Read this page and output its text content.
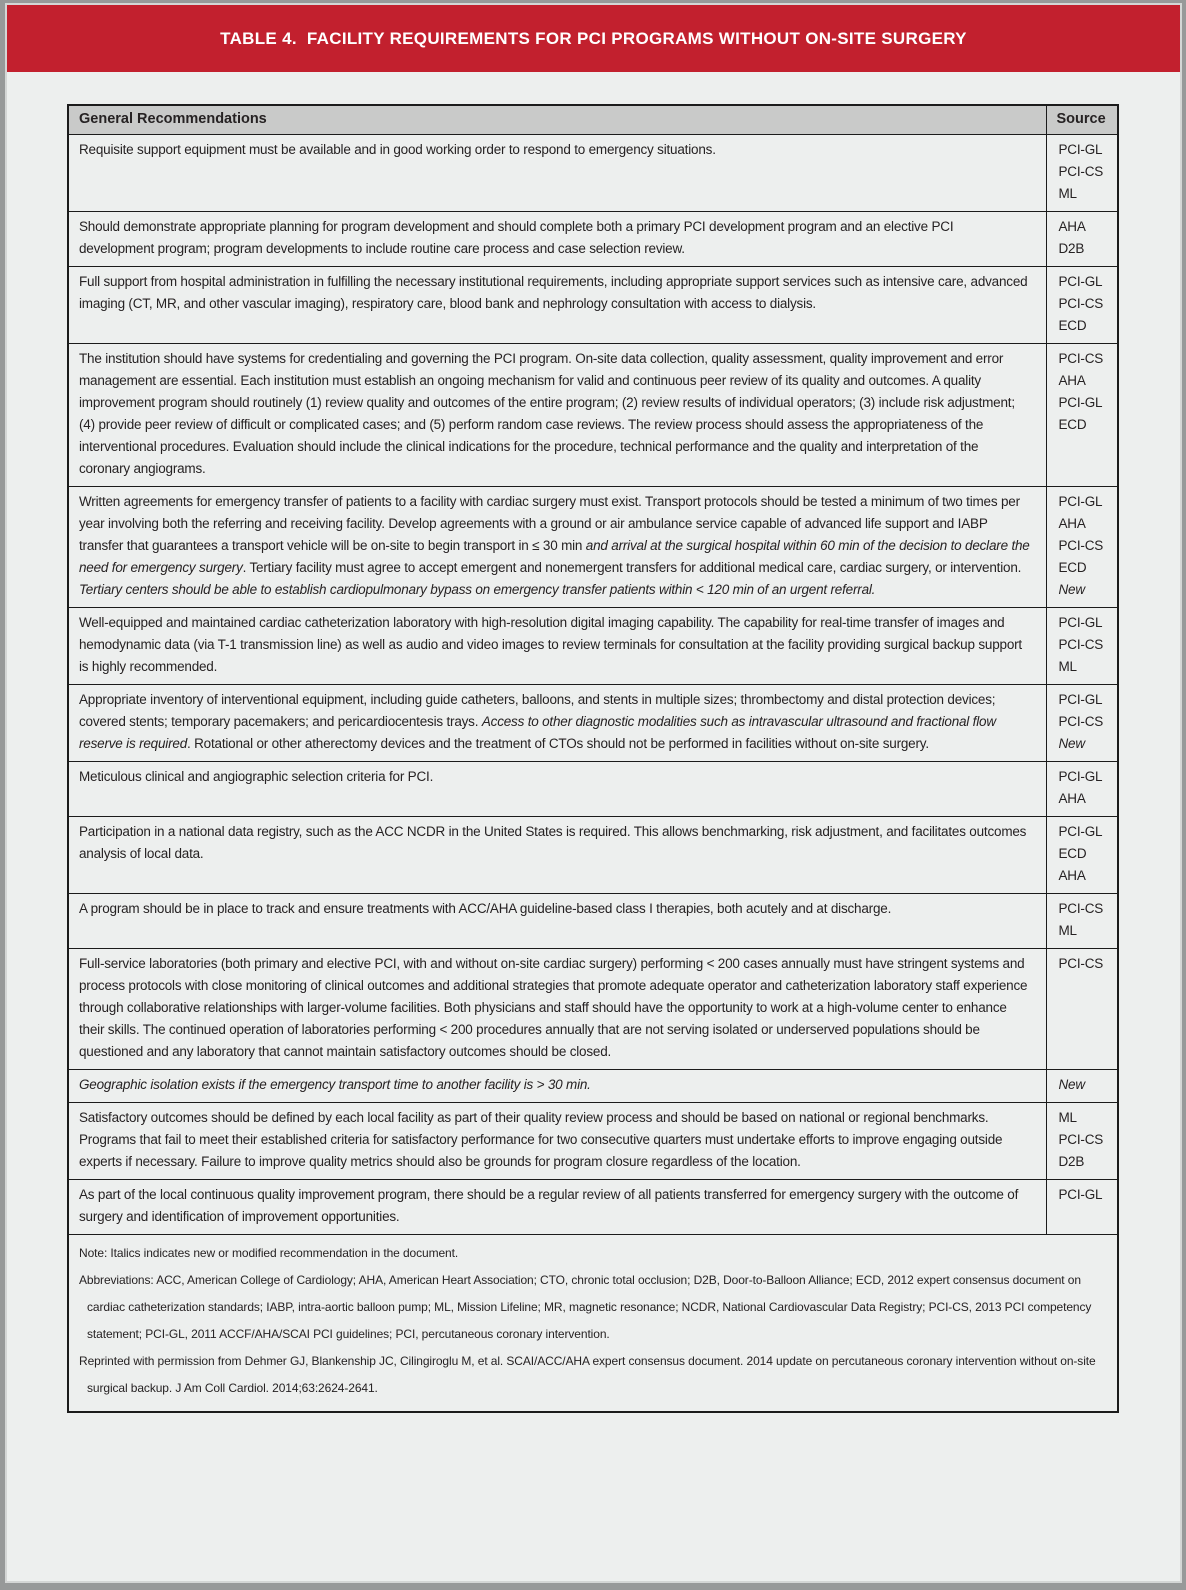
TABLE 4.  FACILITY REQUIREMENTS FOR PCI PROGRAMS WITHOUT ON-SITE SURGERY
General Recommendations	Source
Requisite support equipment must be available and in good working order to respond to emergency situations.	PCI-GL
PCI-CS
ML

Should demonstrate appropriate planning for program development and should complete both a primary PCI development program and an elective PCI development program; program developments to include routine care process and case selection review.	AHA
D2B

Full support from hospital administration in fulfilling the necessary institutional requirements, including appropriate support services such as intensive care, advanced imaging (CT, MR, and other vascular imaging), respiratory care, blood bank and nephrology consultation with access to dialysis.	
PCI-GL
PCI-CS
ECD

The institution should have systems for credentialing and governing the PCI program. On-site data collection, quality assessment, quality improvement and error management are essential. Each institution must establish an ongoing mechanism for valid and continuous peer review of its quality and outcomes. A quality improvement program should routinely (1) review quality and outcomes of the entire program; (2) review results of individual operators; (3) include risk adjustment; (4) provide peer review of difficult or complicated cases; and (5) perform random case reviews. The review process should assess the appropriateness of the interventional procedures. Evaluation should include the clinical indications for the procedure, technical performance and the quality and interpretation of the coronary angiograms.	
PCI-CS
AHA
PCI-GL
ECD

Written agreements for emergency transfer of patients to a facility with cardiac surgery must exist. Transport protocols should be tested a minimum of two times per year involving both the referring and receiving facility. Develop agreements with a ground or air ambulance service capable of advanced life support and IABP transfer that guarantees a transport vehicle will be on-site to begin transport in ≤ 30 min and arrival at the surgical hospital within 60 min of the decision to declare the need for emergency surgery. Tertiary facility must agree to accept emergent and nonemergent transfers for additional medical care, cardiac surgery, or intervention. Tertiary centers should be able to establish cardiopulmonary bypass on emergency transfer patients within < 120 min of an urgent referral.	
PCI-GL
AHA
PCI-CS
ECD
New

Well-equipped and maintained cardiac catheterization laboratory with high-resolution digital imaging capability. The capability for real-time transfer of images and hemodynamic data (via T-1 transmission line) as well as audio and video images to review terminals for consultation at the facility providing surgical backup support is highly recommended.	
PCI-GL
PCI-CS
ML

Appropriate inventory of interventional equipment, including guide catheters, balloons, and stents in multiple sizes; thrombectomy and distal protection devices; covered stents; temporary pacemakers; and pericardiocentesis trays. Access to other diagnostic modalities such as intravascular ultrasound and fractional flow reserve is required. Rotational or other atherectomy devices and the treatment of CTOs should not be performed in facilities without on-site surgery.	
PCI-GL
PCI-CS
New

Meticulous clinical and angiographic selection criteria for PCI.	PCI-GL
AHA

Participation in a national data registry, such as the ACC NCDR in the United States is required. This allows benchmarking, risk adjustment, and facilitates outcomes analysis of local data.	PCI-GL
ECD
AHA

A program should be in place to track and ensure treatments with ACC/AHA guideline-based class I therapies, both acutely and at discharge.	PCI-CS
ML

Full-service laboratories (both primary and elective PCI, with and without on-site cardiac surgery) performing < 200 cases annually must have stringent systems and process protocols with close monitoring of clinical outcomes and additional strategies that promote adequate operator and catheterization laboratory staff experience through collaborative relationships with larger-volume facilities. Both physicians and staff should have the opportunity to work at a high-volume center to enhance their skills. The continued operation of laboratories performing < 200 procedures annually that are not serving isolated or underserved populations should be questioned and any laboratory that cannot maintain satisfactory outcomes should be closed.	PCI-CS

Geographic isolation exists if the emergency transport time to another facility is > 30 min.	New

Satisfactory outcomes should be defined by each local facility as part of their quality review process and should be based on national or regional benchmarks. Programs that fail to meet their established criteria for satisfactory performance for two consecutive quarters must undertake efforts to improve engaging outside experts if necessary. Failure to improve quality metrics should also be grounds for program closure regardless of the location.	
ML
PCI-CS
D2B

As part of the local continuous quality improvement program, there should be a regular review of all patients transferred for emergency surgery with the outcome of surgery and identification of improvement opportunities.	PCI-GL

Note: Italics indicates new or modified recommendation in the document.
Abbreviations: ACC, American College of Cardiology; AHA, American Heart Association; CTO, chronic total occlusion; D2B, Door-to-Balloon Alliance; ECD, 2012 expert consensus document on cardiac catheterization standards; IABP, intra-aortic balloon pump; ML, Mission Lifeline; MR, magnetic resonance; NCDR, National Cardiovascular Data Registry; PCI-CS, 2013 PCI competency statement; PCI-GL, 2011 ACCF/AHA/SCAI PCI guidelines; PCI, percutaneous coronary intervention.
Reprinted with permission from Dehmer GJ, Blankenship JC, Cilingiroglu M, et al. SCAI/ACC/AHA expert consensus document. 2014 update on percutaneous coronary intervention without on-site surgical backup. J Am Coll Cardiol. 2014;63:2624-2641.	
